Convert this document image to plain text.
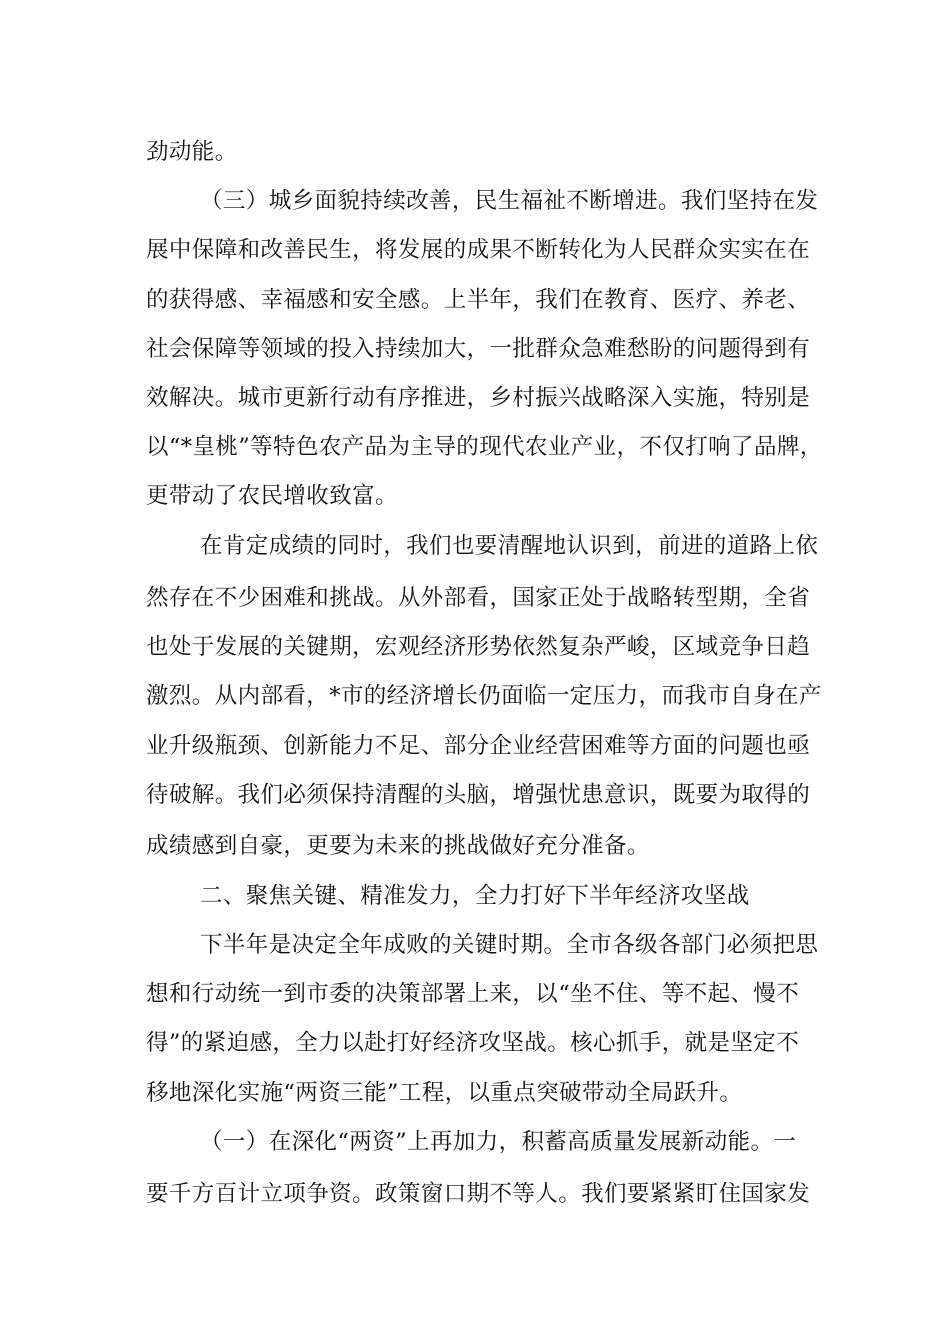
劲动能。
（三）城乡面貌持续改善，民生福祉不断增进。我们坚持在发
展中保障和改善民生，将发展的成果不断转化为人民群众实实在在
的获得感、幸福感和安全感。上半年，我们在教育、医疗、养老、
社会保障等领域的投入持续加大，一批群众急难愁盼的问题得到有
效解决。城市更新行动有序推进，乡村振兴战略深入实施，特别是
以“*皇桃”等特色农产品为主导的现代农业产业，不仅打响了品牌，
更带动了农民增收致富。
在肯定成绩的同时，我们也要清醒地认识到，前进的道路上依
然存在不少困难和挑战。从外部看，国家正处于战略转型期，全省
也处于发展的关键期，宏观经济形势依然复杂严峻，区域竞争日趋
激烈。从内部看，*市的经济增长仍面临一定压力，而我市自身在产
业升级瓶颈、创新能力不足、部分企业经营困难等方面的问题也亟
待破解。我们必须保持清醒的头脑，增强忧患意识，既要为取得的
成绩感到自豪，更要为未来的挑战做好充分准备。
二、聚焦关键、精准发力，全力打好下半年经济攻坚战
下半年是决定全年成败的关键时期。全市各级各部门必须把思
想和行动统一到市委的决策部署上来，以“坐不住、等不起、慢不
得”的紧迫感，全力以赴打好经济攻坚战。核心抓手，就是坚定不
移地深化实施“两资三能”工程，以重点突破带动全局跃升。
（一）在深化“两资”上再加力，积蓄高质量发展新动能。一
要千方百计立项争资。政策窗口期不等人。我们要紧紧盯住国家发
